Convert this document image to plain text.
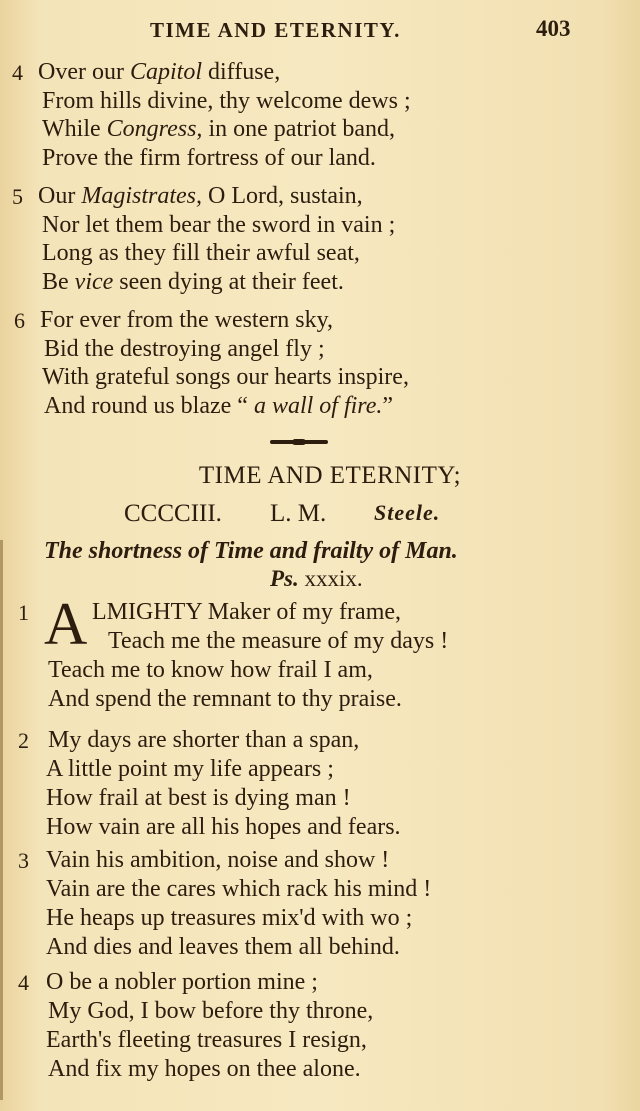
TIME AND ETERNITY.	403
4 Over our Capitol diffuse,
From hills divine, thy welcome dews ;
While Congress, in one patriot band,
Prove the firm fortress of our land.
5 Our Magistrates, O Lord, sustain,
Nor let them bear the sword in vain ;
Long as they fill their awful seat,
Be vice seen dying at their feet.
6 For ever from the western sky,
Bid the destroying angel fly ;
With grateful songs our hearts inspire,
And round us blaze “ a wall of fire.”
TIME AND ETERNITY;
CCCCIII. L. M. Steele.
The shortness of Time and frailty of Man.
Ps. xxxix.
1 A LMIGHTY Maker of my frame,
Teach me the measure of my days !
Teach me to know how frail I am,
And spend the remnant to thy praise.
2 My days are shorter than a span,
A little point my life appears ;
How frail at best is dying man !
How vain are all his hopes and fears.
3 Vain his ambition, noise and show !
Vain are the cares which rack his mind !
He heaps up treasures mix'd with wo ;
And dies and leaves them all behind.
4 O be a nobler portion mine ;
My God, I bow before thy throne,
Earth's fleeting treasures I resign,
And fix my hopes on thee alone.
